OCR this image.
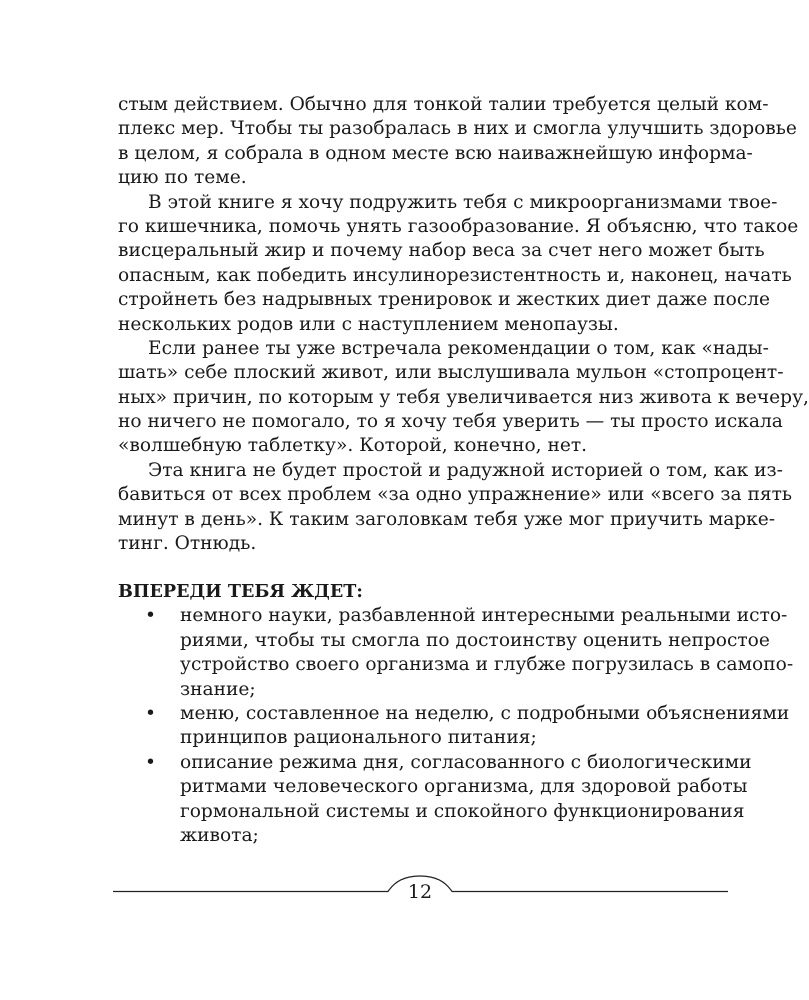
стым действием. Обычно для тонкой талии требуется целый ком-
плекс мер. Чтобы ты разобралась в них и смогла улучшить здоровье
в целом, я собрала в одном месте всю наиважнейшую информа-
цию по теме.
В этой книге я хочу подружить тебя с микроорганизмами твое-
го кишечника, помочь унять газообразование. Я объясню, что такое
висцеральный жир и почему набор веса за счет него может быть
опасным, как победить инсулинорезистентность и, наконец, начать
стройнеть без надрывных тренировок и жестких диет даже после
нескольких родов или с наступлением менопаузы.
Если ранее ты уже встречала рекомендации о том, как «нады-
шать» себе плоский живот, или выслушивала мульон «стопроцент-
ных» причин, по которым у тебя увеличивается низ живота к вечеру,
но ничего не помогало, то я хочу тебя уверить — ты просто искала
«волшебную таблетку». Которой, конечно, нет.
Эта книга не будет простой и радужной историей о том, как из-
бавиться от всех проблем «за одно упражнение» или «всего за пять
минут в день». К таким заголовкам тебя уже мог приучить марке-
тинг. Отнюдь.
ВПЕРЕДИ ТЕБЯ ЖДЕТ:
• немного науки, разбавленной интересными реальными исто-
риями, чтобы ты смогла по достоинству оценить непростое
устройство своего организма и глубже погрузилась в самопо-
знание;
• меню, составленное на неделю, с подробными объяснениями
принципов рационального питания;
• описание режима дня, согласованного с биологическими
ритмами человеческого организма, для здоровой работы
гормональной системы и спокойного функционирования
живота;
12
